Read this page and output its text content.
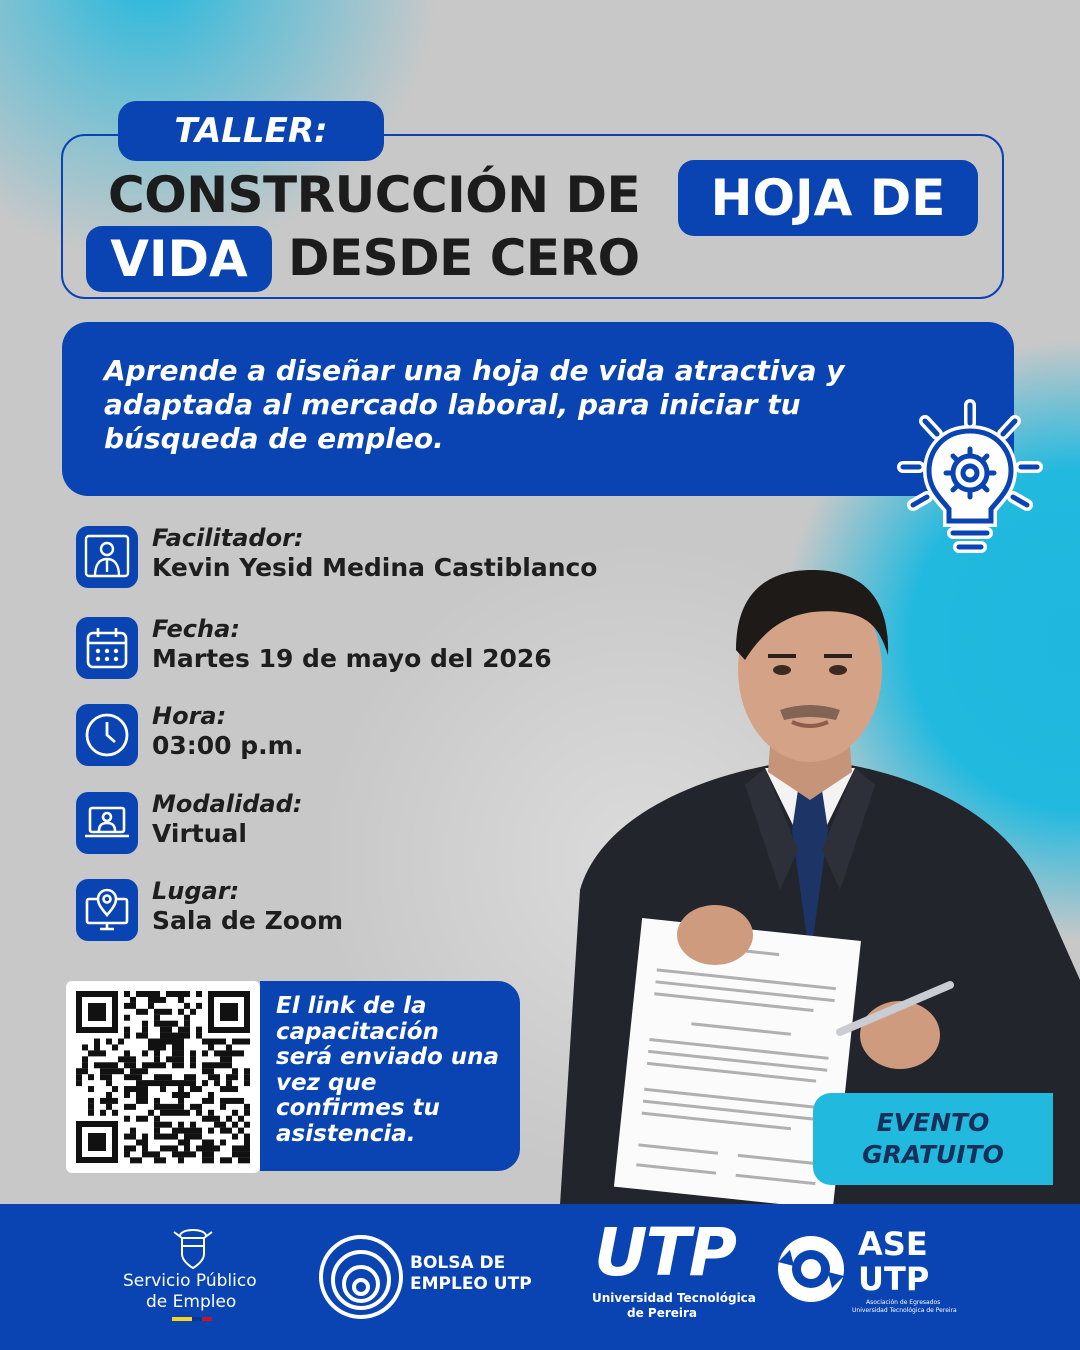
TALLER:
CONSTRUCCIÓN DE	HOJA DE
VIDA DESDE CERO
Aprende a diseñar una hoja de vida atractiva y
adaptada al mercado laboral, para iniciar tu
búsqueda de empleo.
Facilitador:
Kevin Yesid Medina Castiblanco
Fecha:
Martes 19 de mayo del 2026
Hora:
03:00 p.m.
Modalidad:
Virtual
Lugar:
Sala de Zoom
El link de la
capacitación
será enviado una
vez que
confirmes tu
asistencia.	EVENTO
GRATUITO
Servicio Público
de Empleo
BOLSA DE
EMPLEO UTP UTP
Universidad Tecnológica
de Pereira
ASE
UTP
Asociación de Egresados
Universidad Tecnológica de Pereira
